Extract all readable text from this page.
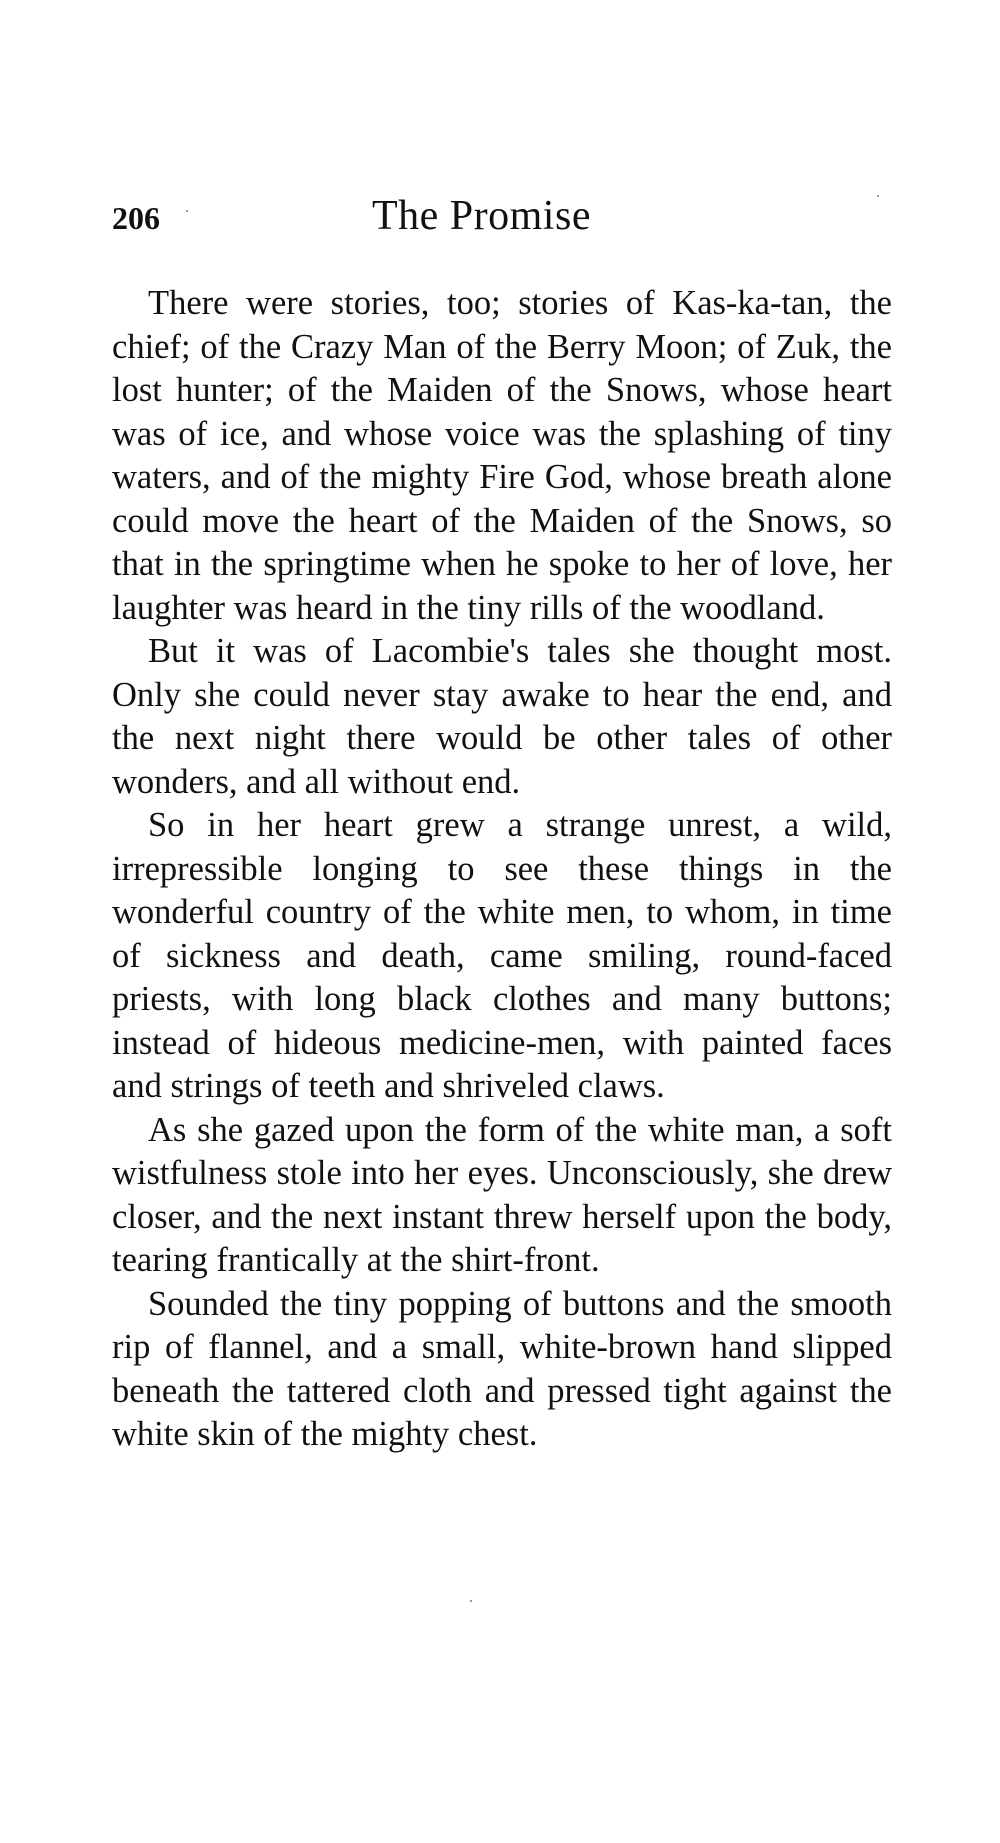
206	The Promise

There were stories, too; stories of Kas-ka-tan, the chief; of the Crazy Man of the Berry Moon; of Zuk, the lost hunter; of the Maiden of the Snows, whose heart was of ice, and whose voice was the splashing of tiny waters, and of the mighty Fire God, whose breath alone could move the heart of the Maiden of the Snows, so that in the springtime when he spoke to her of love, her laughter was heard in the tiny rills of the woodland.

But it was of Lacombie's tales she thought most. Only she could never stay awake to hear the end, and the next night there would be other tales of other wonders, and all without end.

So in her heart grew a strange unrest, a wild, irrepressible longing to see these things in the wonderful country of the white men, to whom, in time of sickness and death, came smiling, round-faced priests, with long black clothes and many buttons; instead of hideous medicine-men, with painted faces and strings of teeth and shriveled claws.

As she gazed upon the form of the white man, a soft wistfulness stole into her eyes. Unconsciously, she drew closer, and the next instant threw herself upon the body, tearing frantically at the shirt-front.

Sounded the tiny popping of buttons and the smooth rip of flannel, and a small, white-brown hand slipped beneath the tattered cloth and pressed tight against the white skin of the mighty chest.
